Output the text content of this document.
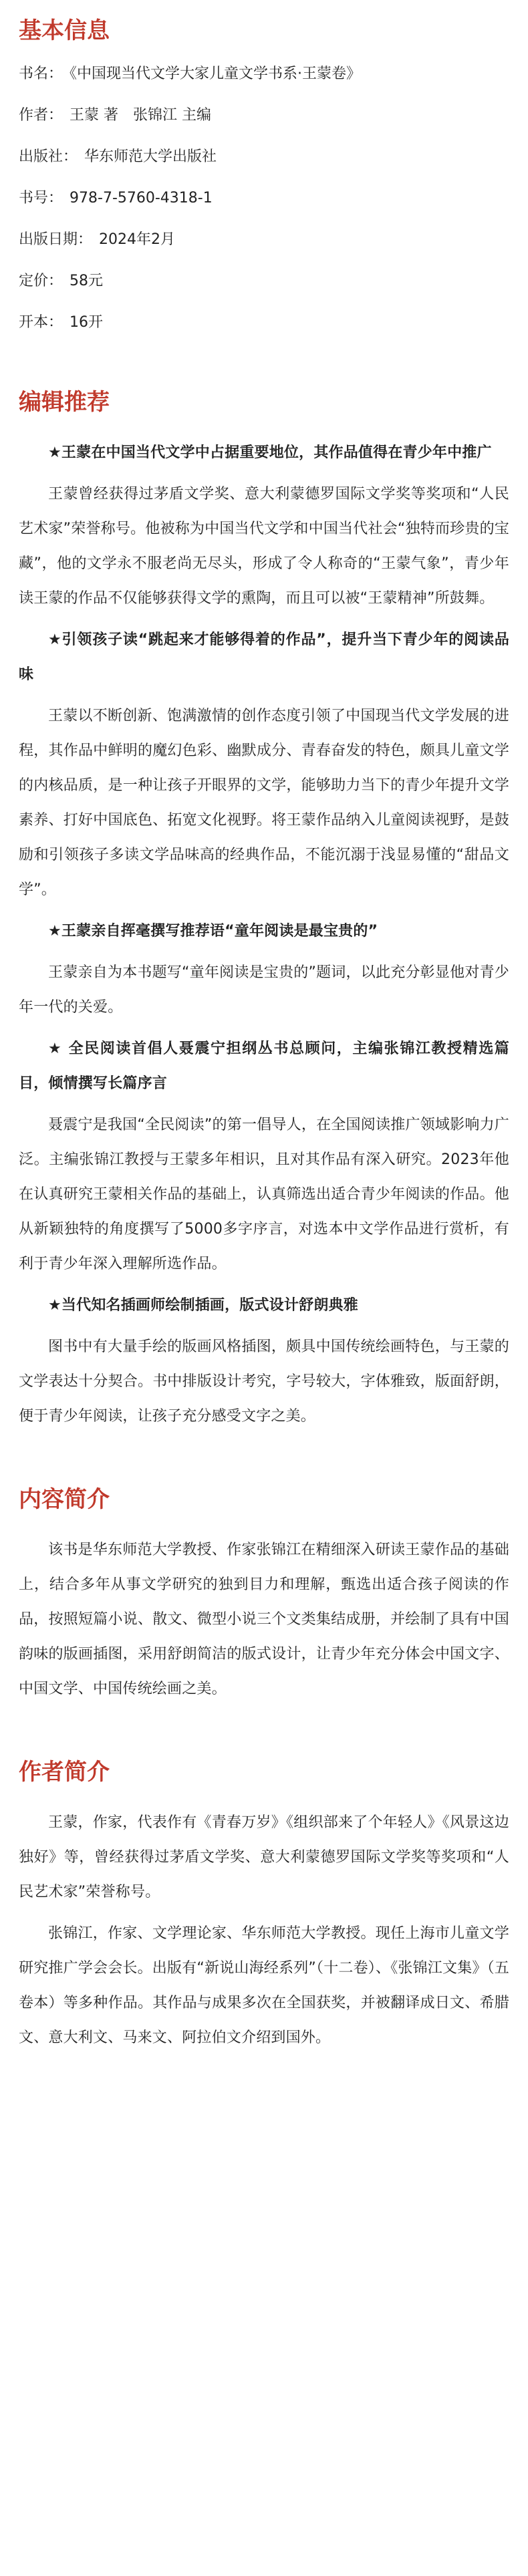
基本信息
书名： 《中国现当代文学大家儿童文学书系·王蒙卷》
作者： 王蒙 著　张锦江 主编
出版社： 华东师范大学出版社
书号： 978-7-5760-4318-1
出版日期： 2024年2月
定价： 58元
开本： 16开
编辑推荐

★王蒙在中国当代文学中占据重要地位，其作品值得在青少年中推广

王蒙曾经获得过茅盾文学奖、意大利蒙德罗国际文学奖等奖项和“人民艺术家”荣誉称号。他被称为中国当代文学和中国当代社会“独特而珍贵的宝藏”，他的文学永不服老尚无尽头，形成了令人称奇的“王蒙气象”，青少年读王蒙的作品不仅能够获得文学的熏陶，而且可以被“王蒙精神”所鼓舞。

★引领孩子读“跳起来才能够得着的作品”，提升当下青少年的阅读品味

王蒙以不断创新、饱满激情的创作态度引领了中国现当代文学发展的进程，其作品中鲜明的魔幻色彩、幽默成分、青春奋发的特色，颇具儿童文学的内核品质，是一种让孩子开眼界的文学，能够助力当下的青少年提升文学素养、打好中国底色、拓宽文化视野。将王蒙作品纳入儿童阅读视野，是鼓励和引领孩子多读文学品味高的经典作品，不能沉溺于浅显易懂的“甜品文学”。

★王蒙亲自挥毫撰写推荐语“童年阅读是最宝贵的”

王蒙亲自为本书题写“童年阅读是宝贵的”题词，以此充分彰显他对青少年一代的关爱。

★ 全民阅读首倡人聂震宁担纲丛书总顾问，主编张锦江教授精选篇目，倾情撰写长篇序言

聂震宁是我国“全民阅读”的第一倡导人，在全国阅读推广领域影响力广泛。主编张锦江教授与王蒙多年相识，且对其作品有深入研究。2023年他在认真研究王蒙相关作品的基础上，认真筛选出适合青少年阅读的作品。他从新颖独特的角度撰写了5000多字序言，对选本中文学作品进行赏析，有利于青少年深入理解所选作品。

★当代知名插画师绘制插画，版式设计舒朗典雅

图书中有大量手绘的版画风格插图，颇具中国传统绘画特色，与王蒙的文学表达十分契合。书中排版设计考究，字号较大，字体雅致，版面舒朗，便于青少年阅读，让孩子充分感受文字之美。

内容简介

该书是华东师范大学教授、作家张锦江在精细深入研读王蒙作品的基础上，结合多年从事文学研究的独到目力和理解，甄选出适合孩子阅读的作品，按照短篇小说、散文、微型小说三个文类集结成册，并绘制了具有中国韵味的版画插图，采用舒朗简洁的版式设计，让青少年充分体会中国文字、中国文学、中国传统绘画之美。

作者简介

王蒙，作家，代表作有《青春万岁》《组织部来了个年轻人》《风景这边独好》等，曾经获得过茅盾文学奖、意大利蒙德罗国际文学奖等奖项和“人民艺术家”荣誉称号。

张锦江，作家、文学理论家、华东师范大学教授。现任上海市儿童文学研究推广学会会长。出版有“新说山海经系列”（十二卷）、《张锦江文集》（五卷本）等多种作品。其作品与成果多次在全国获奖，并被翻译成日文、希腊文、意大利文、马来文、阿拉伯文介绍到国外。
